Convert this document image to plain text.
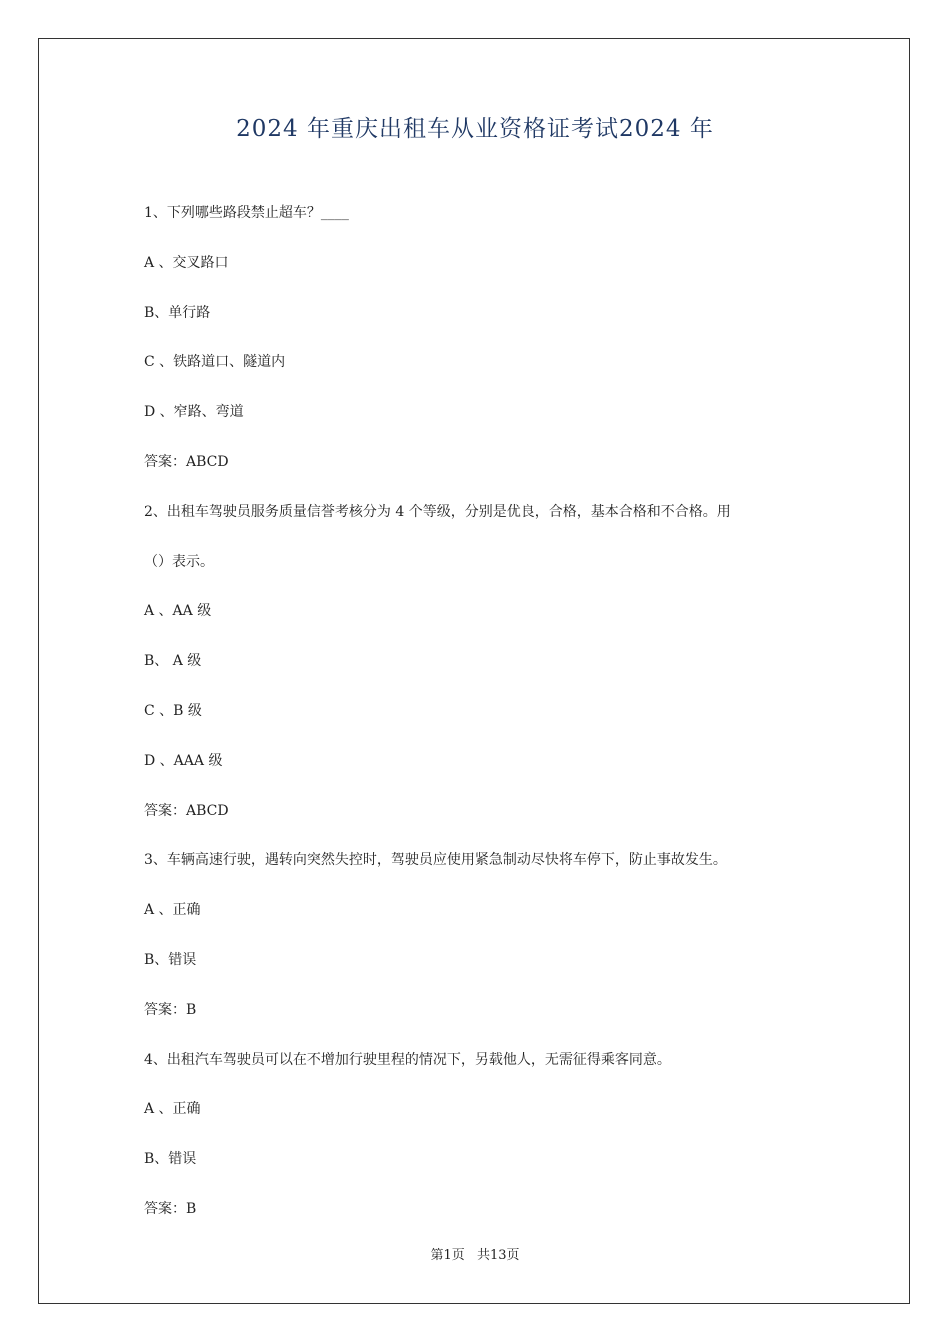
2024 年重庆出租车从业资格证考试2024 年
1、下列哪些路段禁止超车？____
A 、交叉路口
B、单行路
C 、铁路道口、隧道内
D 、窄路、弯道
答案：ABCD
2、出租车驾驶员服务质量信誉考核分为 4 个等级，分别是优良，合格，基本合格和不合格。用
（）表示。
A 、AA 级
B、 A 级
C 、B 级
D 、AAA 级
答案：ABCD
3、车辆高速行驶，遇转向突然失控时，驾驶员应使用紧急制动尽快将车停下，防止事故发生。
A 、正确
B、错误
答案：B
4、出租汽车驾驶员可以在不增加行驶里程的情况下，另载他人，无需征得乘客同意。
A 、正确
B、错误
答案：B
第1页 共13页
